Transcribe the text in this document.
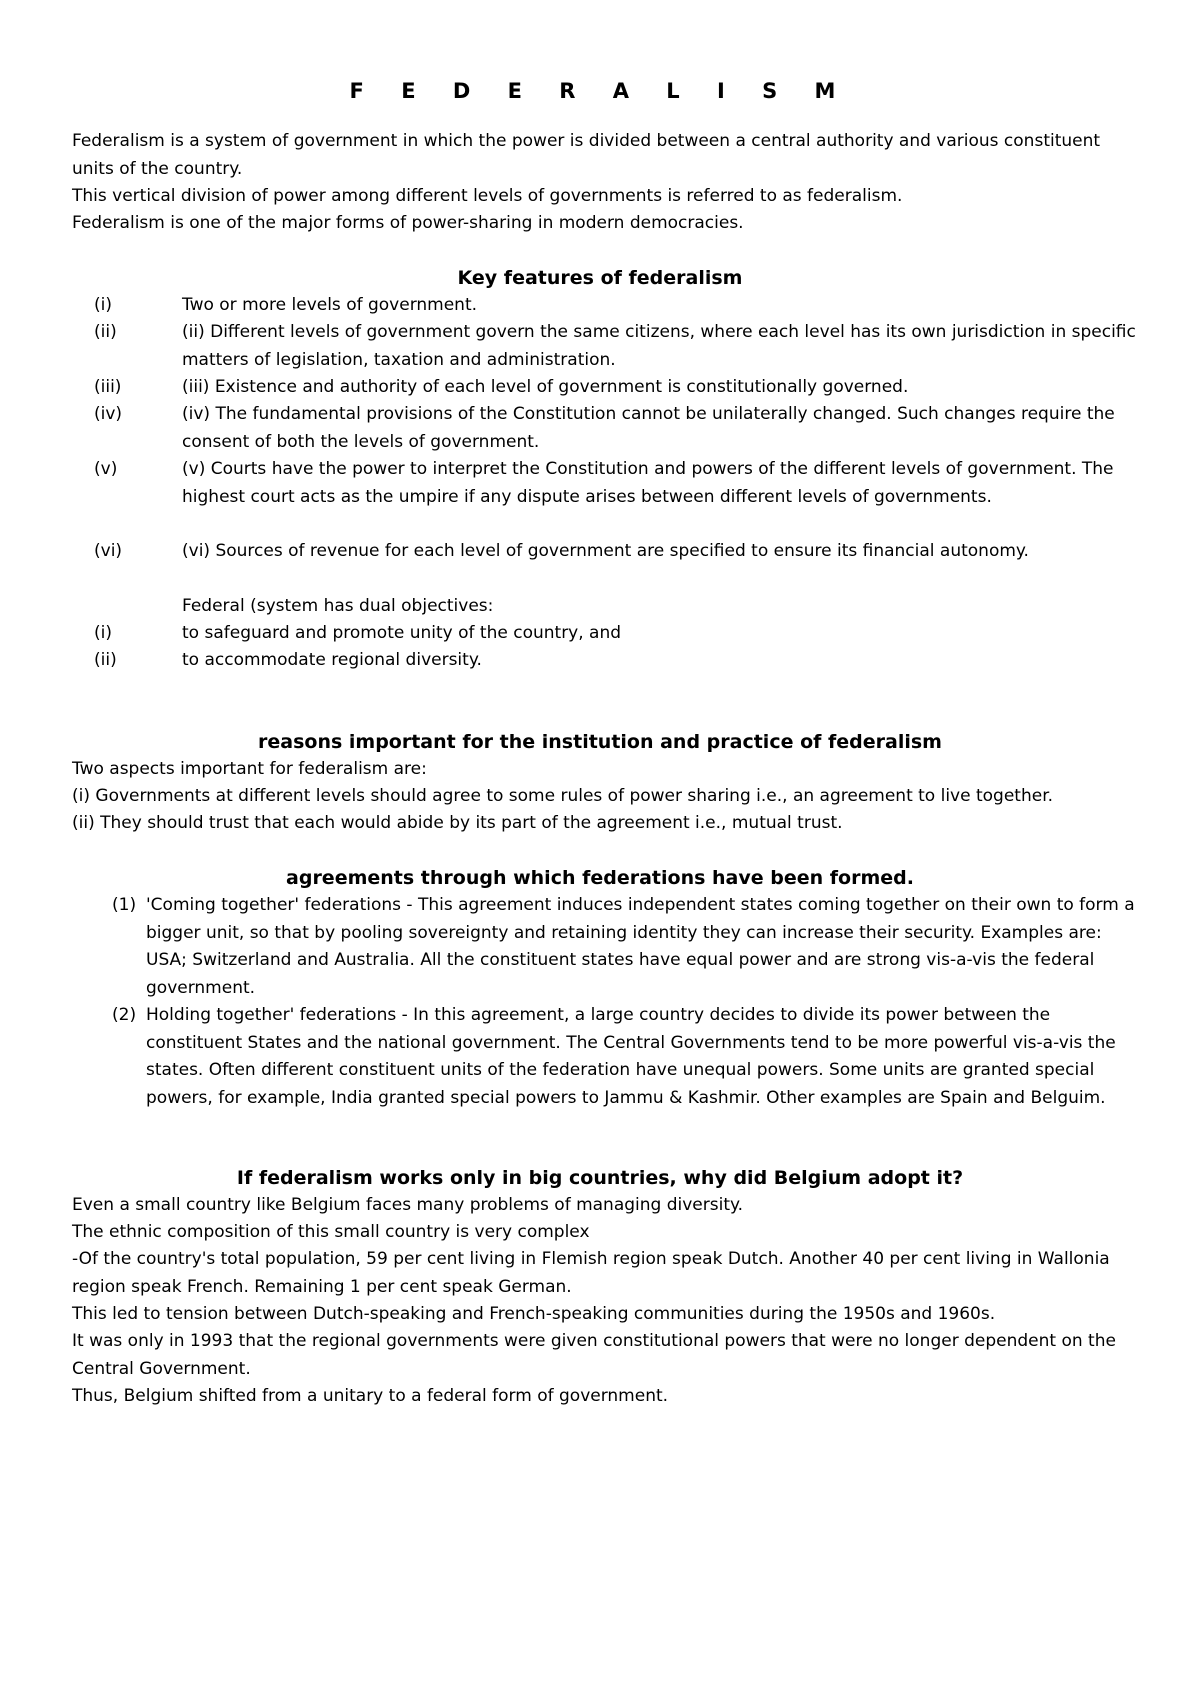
F E D E R A L I S M
Federalism is a system of government in which the power is divided between a central authority and various constituent units of the country.
This vertical division of power among different levels of governments is referred to as federalism.
Federalism is one of the major forms of power-sharing in modern democracies.
Key features of federalism
(i)	Two or more levels of government.
(ii)	(ii) Different levels of government govern the same citizens, where each level has its own jurisdiction in specific matters of legislation, taxation and administration.
(iii)	(iii) Existence and authority of each level of government is constitutionally governed.
(iv)	(iv) The fundamental provisions of the Constitution cannot be unilaterally changed. Such changes require the consent of both the levels of government.
(v)	(v) Courts have the power to interpret the Constitution and powers of the different levels of government. The highest court acts as the umpire if any dispute arises between different levels of governments.
(vi)	(vi) Sources of revenue for each level of government are specified to ensure its financial autonomy.
Federal (system has dual objectives:
(i)	to safeguard and promote unity of the country, and
(ii)	to accommodate regional diversity.
reasons important for the institution and practice of federalism
Two aspects important for federalism are:
(i) Governments at different levels should agree to some rules of power sharing i.e., an agreement to live together.
(ii) They should trust that each would abide by its part of the agreement i.e., mutual trust.
agreements through which federations have been formed.
(1) 'Coming together' federations - This agreement induces independent states coming together on their own to form a bigger unit, so that by pooling sovereignty and retaining identity they can increase their security. Examples are: USA; Switzerland and Australia. All the constituent states have equal power and are strong vis-a-vis the federal government.
(2) Holding together' federations - In this agreement, a large country decides to divide its power between the constituent States and the national government. The Central Governments tend to be more powerful vis-a-vis the states. Often different constituent units of the federation have unequal powers. Some units are granted special powers, for example, India granted special powers to Jammu & Kashmir. Other examples are Spain and Belguim.
If federalism works only in big countries, why did Belgium adopt it?
Even a small country like Belgium faces many problems of managing diversity.
The ethnic composition of this small country is very complex
-Of the country's total population, 59 per cent living in Flemish region speak Dutch. Another 40 per cent living in Wallonia region speak French. Remaining 1 per cent speak German.
This led to tension between Dutch-speaking and French-speaking communities during the 1950s and 1960s.
It was only in 1993 that the regional governments were given constitutional powers that were no longer dependent on the Central Government.
Thus, Belgium shifted from a unitary to a federal form of government.
